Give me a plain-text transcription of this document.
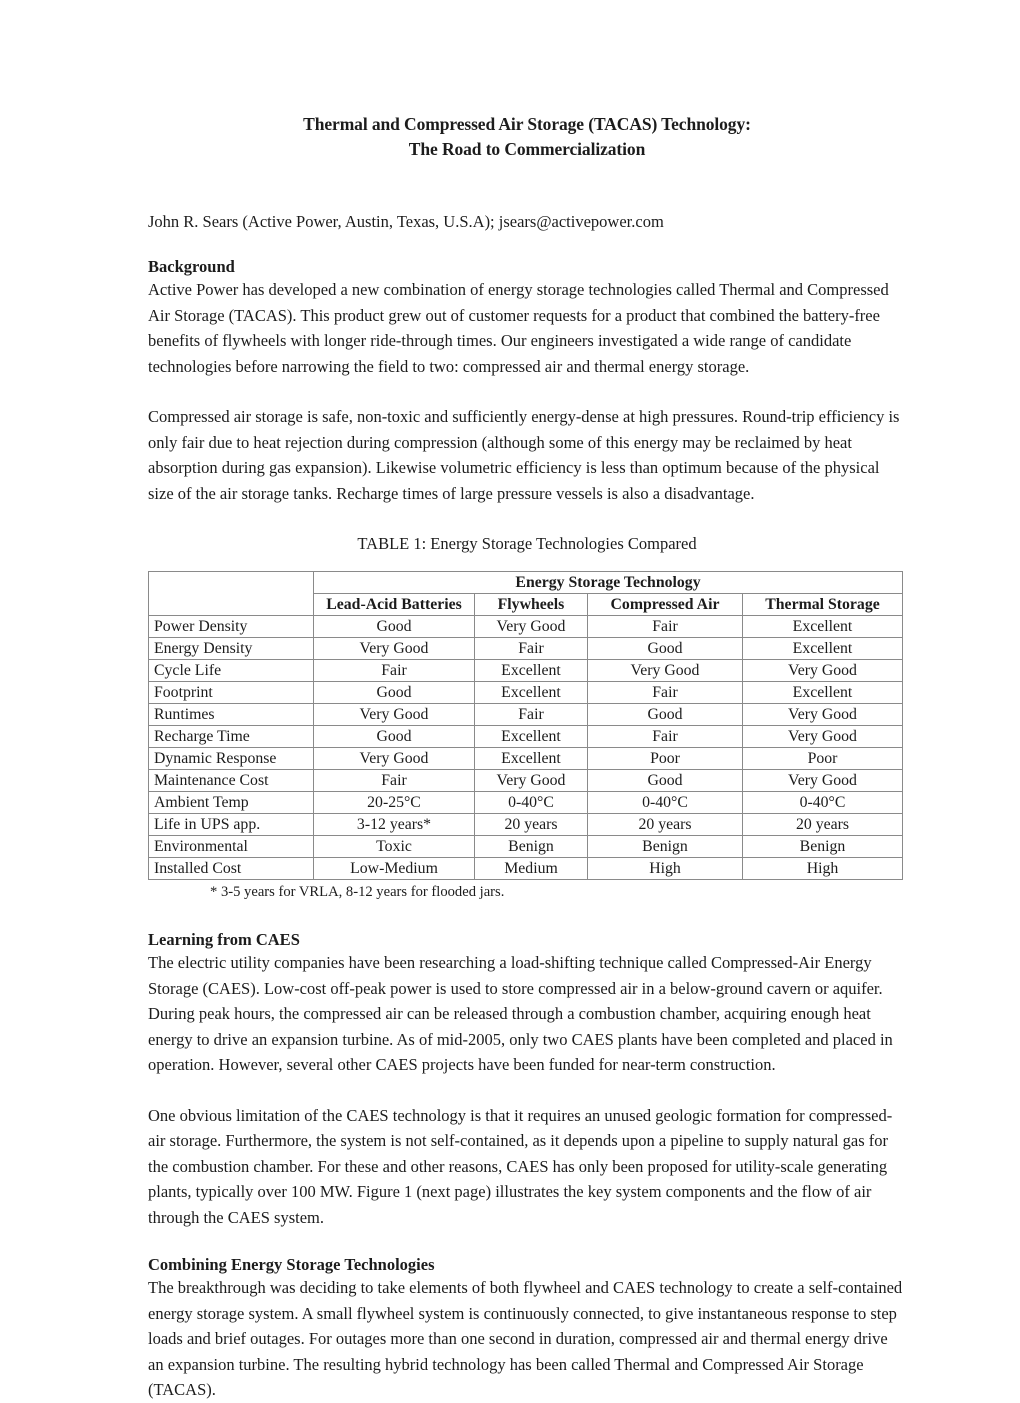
Thermal and Compressed Air Storage (TACAS) Technology:
The Road to Commercialization
John R. Sears (Active Power, Austin, Texas, U.S.A); jsears@activepower.com
Background

Active Power has developed a new combination of energy storage technologies called Thermal and Compressed Air Storage (TACAS). This product grew out of customer requests for a product that combined the battery-free benefits of flywheels with longer ride-through times. Our engineers investigated a wide range of candidate technologies before narrowing the field to two: compressed air and thermal energy storage.

Compressed air storage is safe, non-toxic and sufficiently energy-dense at high pressures. Round-trip efficiency is only fair due to heat rejection during compression (although some of this energy may be reclaimed by heat absorption during gas expansion). Likewise volumetric efficiency is less than optimum because of the physical size of the air storage tanks. Recharge times of large pressure vessels is also a disadvantage.

TABLE 1: Energy Storage Technologies Compared
	Energy Storage Technology			
	Lead-Acid Batteries	Flywheels	Compressed Air	Thermal Storage
Power Density	Good	Very Good	Fair	Excellent
Energy Density	Very Good	Fair	Good	Excellent
Cycle Life	Fair	Excellent	Very Good	Very Good
Footprint	Good	Excellent	Fair	Excellent
Runtimes	Very Good	Fair	Good	Very Good
Recharge Time	Good	Excellent	Fair	Very Good
Dynamic Response	Very Good	Excellent	Poor	Poor
Maintenance Cost	Fair	Very Good	Good	Very Good
Ambient Temp	20-25°C	0-40°C	0-40°C	0-40°C
Life in UPS app.	3-12 years*	20 years	20 years	20 years
Environmental	Toxic	Benign	Benign	Benign
Installed Cost	Low-Medium	Medium	High	High
* 3-5 years for VRLA, 8-12 years for flooded jars.
Learning from CAES

The electric utility companies have been researching a load-shifting technique called Compressed-Air Energy Storage (CAES). Low-cost off-peak power is used to store compressed air in a below-ground cavern or aquifer. During peak hours, the compressed air can be released through a combustion chamber, acquiring enough heat energy to drive an expansion turbine. As of mid-2005, only two CAES plants have been completed and placed in operation. However, several other CAES projects have been funded for near-term construction.

One obvious limitation of the CAES technology is that it requires an unused geologic formation for compressed-air storage. Furthermore, the system is not self-contained, as it depends upon a pipeline to supply natural gas for the combustion chamber. For these and other reasons, CAES has only been proposed for utility-scale generating plants, typically over 100 MW. Figure 1 (next page) illustrates the key system components and the flow of air through the CAES system.

Combining Energy Storage Technologies

The breakthrough was deciding to take elements of both flywheel and CAES technology to create a self-contained energy storage system. A small flywheel system is continuously connected, to give instantaneous response to step loads and brief outages. For outages more than one second in duration, compressed air and thermal energy drive an expansion turbine. The resulting hybrid technology has been called Thermal and Compressed Air Storage (TACAS).
